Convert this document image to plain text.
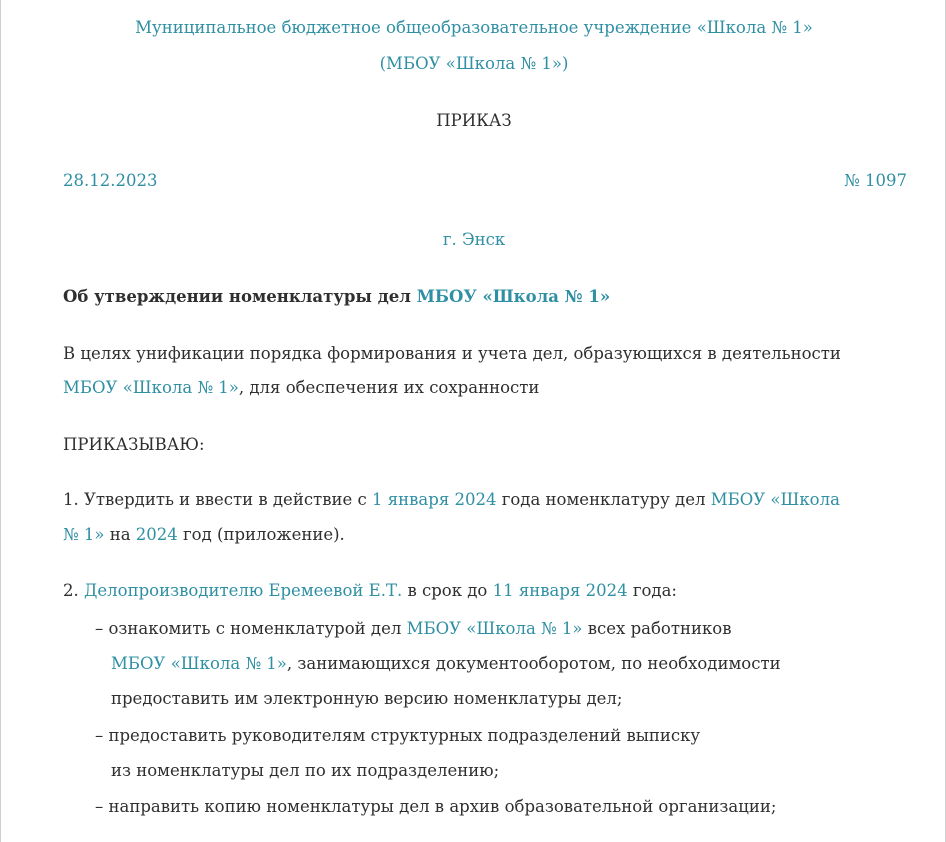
Муниципальное бюджетное общеобразовательное учреждение «Школа № 1»
(МБОУ «Школа № 1»)
ПРИКАЗ
28.12.2023	№ 1097
г. Энск
Об утверждении номенклатуры дел МБОУ «Школа № 1»
В целях унификации порядка формирования и учета дел, образующихся в деятельности
МБОУ «Школа № 1», для обеспечения их сохранности
ПРИКАЗЫВАЮ:
1. Утвердить и ввести в действие с 1 января 2024 года номенклатуру дел МБОУ «Школа
№ 1» на 2024 год (приложение).
2. Делопроизводителю Еремеевой Е.Т. в срок до 11 января 2024 года:
– ознакомить с номенклатурой дел МБОУ «Школа № 1» всех работников
МБОУ «Школа № 1», занимающихся документооборотом, по необходимости
предоставить им электронную версию номенклатуры дел;
– предоставить руководителям структурных подразделений выписку
из номенклатуры дел по их подразделению;
– направить копию номенклатуры дел в архив образовательной организации;
